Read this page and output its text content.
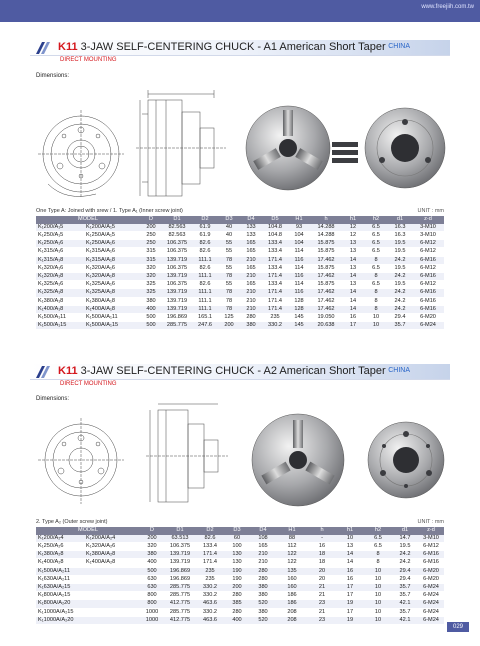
www.freejiih.com.tw
K11 3-JAW SELF-CENTERING CHUCK - A1 American Short Taper CHINA
DIRECT MOUNTING
Dimensions:
One Type A: Joined with srew / 1. Type A₁ (Inner screw joint)	UNIT : mm
MODEL		D	D1	D2	D3	D4	D5	H1	h	h1	h2	d1	z-d
K₁200/A₁5	K₁200A/A₁5	200	82.563	61.9	40	133	104.8	93	14.288	12	6.5	16.3	3-M10
K₁250/A₁5	K₁250A/A₁5	250	82.563	61.9	40	133	104.8	104	14.288	12	6.5	16.3	3-M10
K₁250/A₁6	K₁250A/A₁6	250	106.375	82.6	55	165	133.4	104	15.875	13	6.5	19.5	6-M12
K₁315/A₁6	K₁315A/A₁6	315	106.375	82.6	55	165	133.4	114	15.875	13	6.5	19.5	6-M12
K₁315/A₁8	K₁315A/A₁8	315	139.719	111.1	78	210	171.4	116	17.462	14	8	24.2	6-M16
K₁320/A₁6	K₁320A/A₁6	320	106.375	82.6	55	165	133.4	114	15.875	13	6.5	19.5	6-M12
K₁320/A₁8	K₁320A/A₁8	320	139.719	111.1	78	210	171.4	116	17.462	14	8	24.2	6-M16
K₁325/A₁6	K₁325A/A₁6	325	106.375	82.6	55	165	133.4	114	15.875	13	6.5	19.5	6-M12
K₁325/A₁8	K₁325A/A₁8	325	139.719	111.1	78	210	171.4	116	17.462	14	8	24.2	6-M16
K₁380/A₁8	K₁380A/A₁8	380	139.719	111.1	78	210	171.4	128	17.462	14	8	24.2	6-M16
K₁400/A₁8	K₁400A/A₁8	400	139.719	111.1	78	210	171.4	128	17.462	14	8	24.2	6-M16
K₁500/A₁11	K₁500A/A₁11	500	196.869	165.1	125	280	235	145	19.050	16	10	29.4	6-M20
K₁500/A₁15	K₁500A/A₁15	500	285.775	247.6	200	380	330.2	145	20.638	17	10	35.7	6-M24
K11 3-JAW SELF-CENTERING CHUCK - A2 American Short Taper CHINA
DIRECT MOUNTING
Dimensions:
2. Type A₂ (Outer screw joint)	UNIT : mm
MODEL		D	D1	D2	D3	D4	H1	h	h1	h2	d1	z-d
K₁200/A₂4	K₁200A/A₂4	200	63.513	82.6	60	108	88	-	10	6.5	14.7	3-M10
K₁250/A₂6	K₁320A/A₂6	320	106.375	133.4	100	165	112	16	13	6.5	19.5	6-M12
K₁380/A₂8	K₁380A/A₂8	380	139.719	171.4	130	210	122	18	14	8	24.2	6-M16
K₁400/A₂8	K₁400A/A₂8	400	139.719	171.4	130	210	122	18	14	8	24.2	6-M16
K₁500A/A₂11		500	196.869	235	190	280	135	20	16	10	29.4	6-M20
K₁630A/A₂11		630	196.869	235	190	280	160	20	16	10	29.4	6-M20
K₁630A/A₂15		630	285.775	330.2	200	380	160	21	17	10	35.7	6-M24
K₁800A/A₂15		800	285.775	330.2	280	380	186	21	17	10	35.7	6-M24
K₁800A/A₂20		800	412.775	463.6	385	520	186	23	19	10	42.1	6-M24
K₁1000A/A₂15		1000	285.775	330.2	280	380	208	21	17	10	35.7	6-M24
K₁1000A/A₂20		1000	412.775	463.6	400	520	208	23	19	10	42.1	6-M24
029
